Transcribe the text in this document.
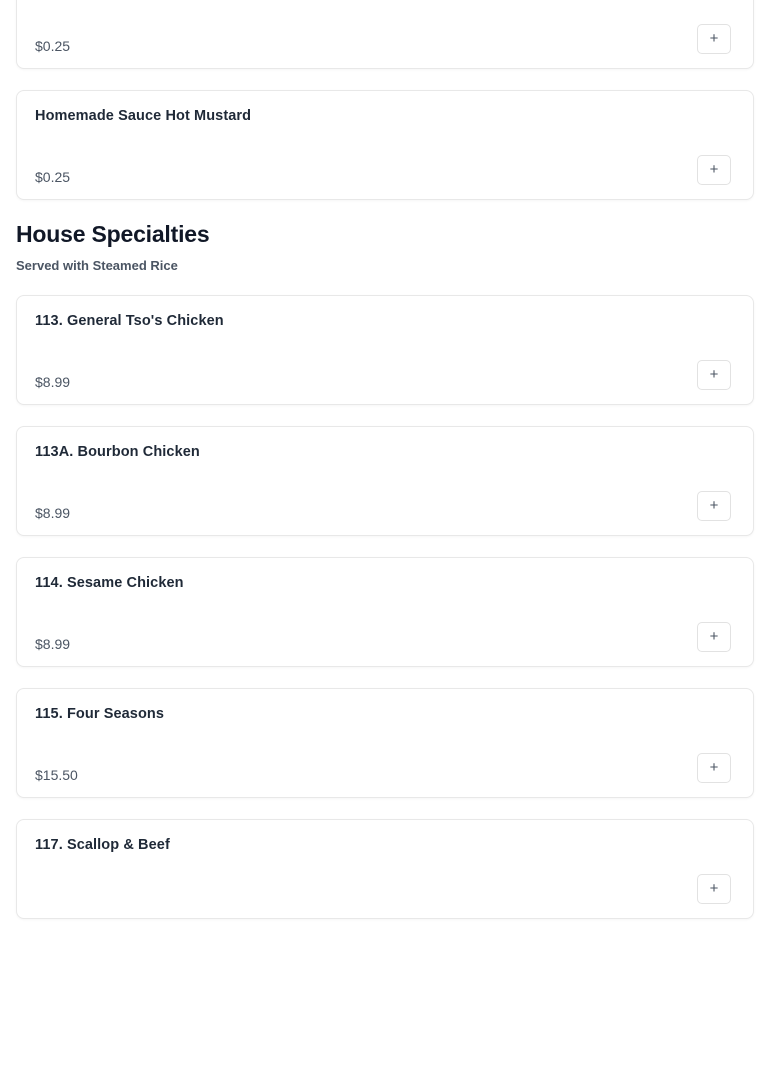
$0.25	+
Homemade Sauce Hot Mustard
$0.25	+
House Specialties
Served with Steamed Rice
113. General Tso's Chicken
$8.99	+
113A. Bourbon Chicken
$8.99	+
114. Sesame Chicken
$8.99	+
115. Four Seasons
$15.50	+
117. Scallop & Beef
+
